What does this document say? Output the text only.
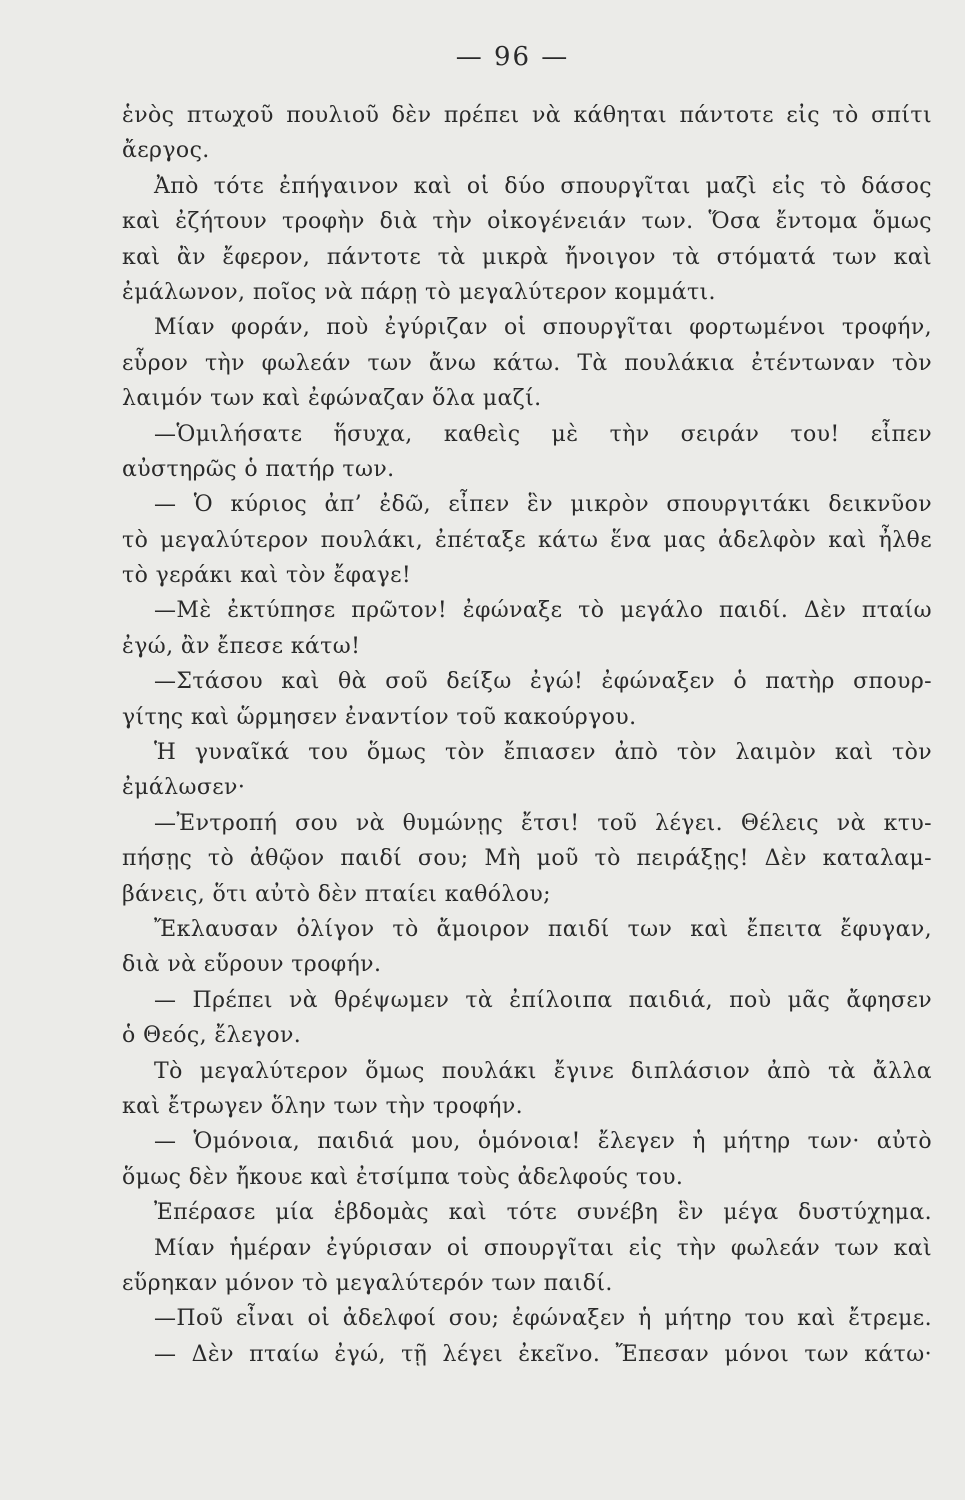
— 96 —
ἑνὸς πτωχοῦ πουλιοῦ δὲν πρέπει νὰ κάθηται πάντοτε εἰς τὸ σπίτι
ἄεργος.
Ἀπὸ τότε ἐπήγαινον καὶ οἱ δύο σπουργῖται μαζὶ εἰς τὸ δάσος
καὶ ἐζήτουν τροφὴν διὰ τὴν οἰκογένειάν των. Ὅσα ἔντομα ὅμως
καὶ ἂν ἔφερον, πάντοτε τὰ μικρὰ ἤνοιγον τὰ στόματά των καὶ
ἐμάλωνον, ποῖος νὰ πάρῃ τὸ μεγαλύτερον κομμάτι.
Μίαν φοράν, ποὺ ἐγύριζαν οἱ σπουργῖται φορτωμένοι τροφήν,
εὗρον τὴν φωλεάν των ἄνω κάτω. Τὰ πουλάκια ἐτέντωναν τὸν
λαιμόν των καὶ ἐφώναζαν ὅλα μαζί.
—Ὁμιλήσατε ἥσυχα, καθεὶς μὲ τὴν σειράν του! εἶπεν
αὐστηρῶς ὁ πατήρ των.
— Ὁ κύριος ἀπ’ ἐδῶ, εἶπεν ἓν μικρὸν σπουργιτάκι δεικνῦον
τὸ μεγαλύτερον πουλάκι, ἐπέταξε κάτω ἕνα μας ἀδελφὸν καὶ ἦλθε
τὸ γεράκι καὶ τὸν ἔφαγε!
—Μὲ ἐκτύπησε πρῶτον! ἐφώναξε τὸ μεγάλο παιδί. Δὲν πταίω
ἐγώ, ἂν ἔπεσε κάτω!
—Στάσου καὶ θὰ σοῦ δείξω ἐγώ! ἐφώναξεν ὁ πατὴρ σπουρ-
γίτης καὶ ὥρμησεν ἐναντίον τοῦ κακούργου.
Ἡ γυναῖκά του ὅμως τὸν ἔπιασεν ἀπὸ τὸν λαιμὸν καὶ τὸν
ἐμάλωσεν·
—Ἐντροπή σου νὰ θυμώνῃς ἔτσι! τοῦ λέγει. Θέλεις νὰ κτυ-
πήσῃς τὸ ἀθῷον παιδί σου; Μὴ μοῦ τὸ πειράξῃς! Δὲν καταλαμ-
βάνεις, ὅτι αὐτὸ δὲν πταίει καθόλου;
Ἔκλαυσαν ὀλίγον τὸ ἄμοιρον παιδί των καὶ ἔπειτα ἔφυγαν,
διὰ νὰ εὕρουν τροφήν.
— Πρέπει νὰ θρέψωμεν τὰ ἐπίλοιπα παιδιά, ποὺ μᾶς ἄφησεν
ὁ Θεός, ἔλεγον.
Τὸ μεγαλύτερον ὅμως πουλάκι ἔγινε διπλάσιον ἀπὸ τὰ ἄλλα
καὶ ἔτρωγεν ὅλην των τὴν τροφήν.
— Ὁμόνοια, παιδιά μου, ὁμόνοια! ἔλεγεν ἡ μήτηρ των· αὐτὸ
ὅμως δὲν ἤκουε καὶ ἐτσίμπα τοὺς ἀδελφούς του.
Ἐπέρασε μία ἑβδομὰς καὶ τότε συνέβη ἓν μέγα δυστύχημα.
Μίαν ἡμέραν ἐγύρισαν οἱ σπουργῖται εἰς τὴν φωλεάν των καὶ
εὕρηκαν μόνον τὸ μεγαλύτερόν των παιδί.
—Ποῦ εἶναι οἱ ἀδελφοί σου; ἐφώναξεν ἡ μήτηρ του καὶ ἔτρεμε.
— Δὲν πταίω ἐγώ, τῇ λέγει ἐκεῖνο. Ἔπεσαν μόνοι των κάτω·
